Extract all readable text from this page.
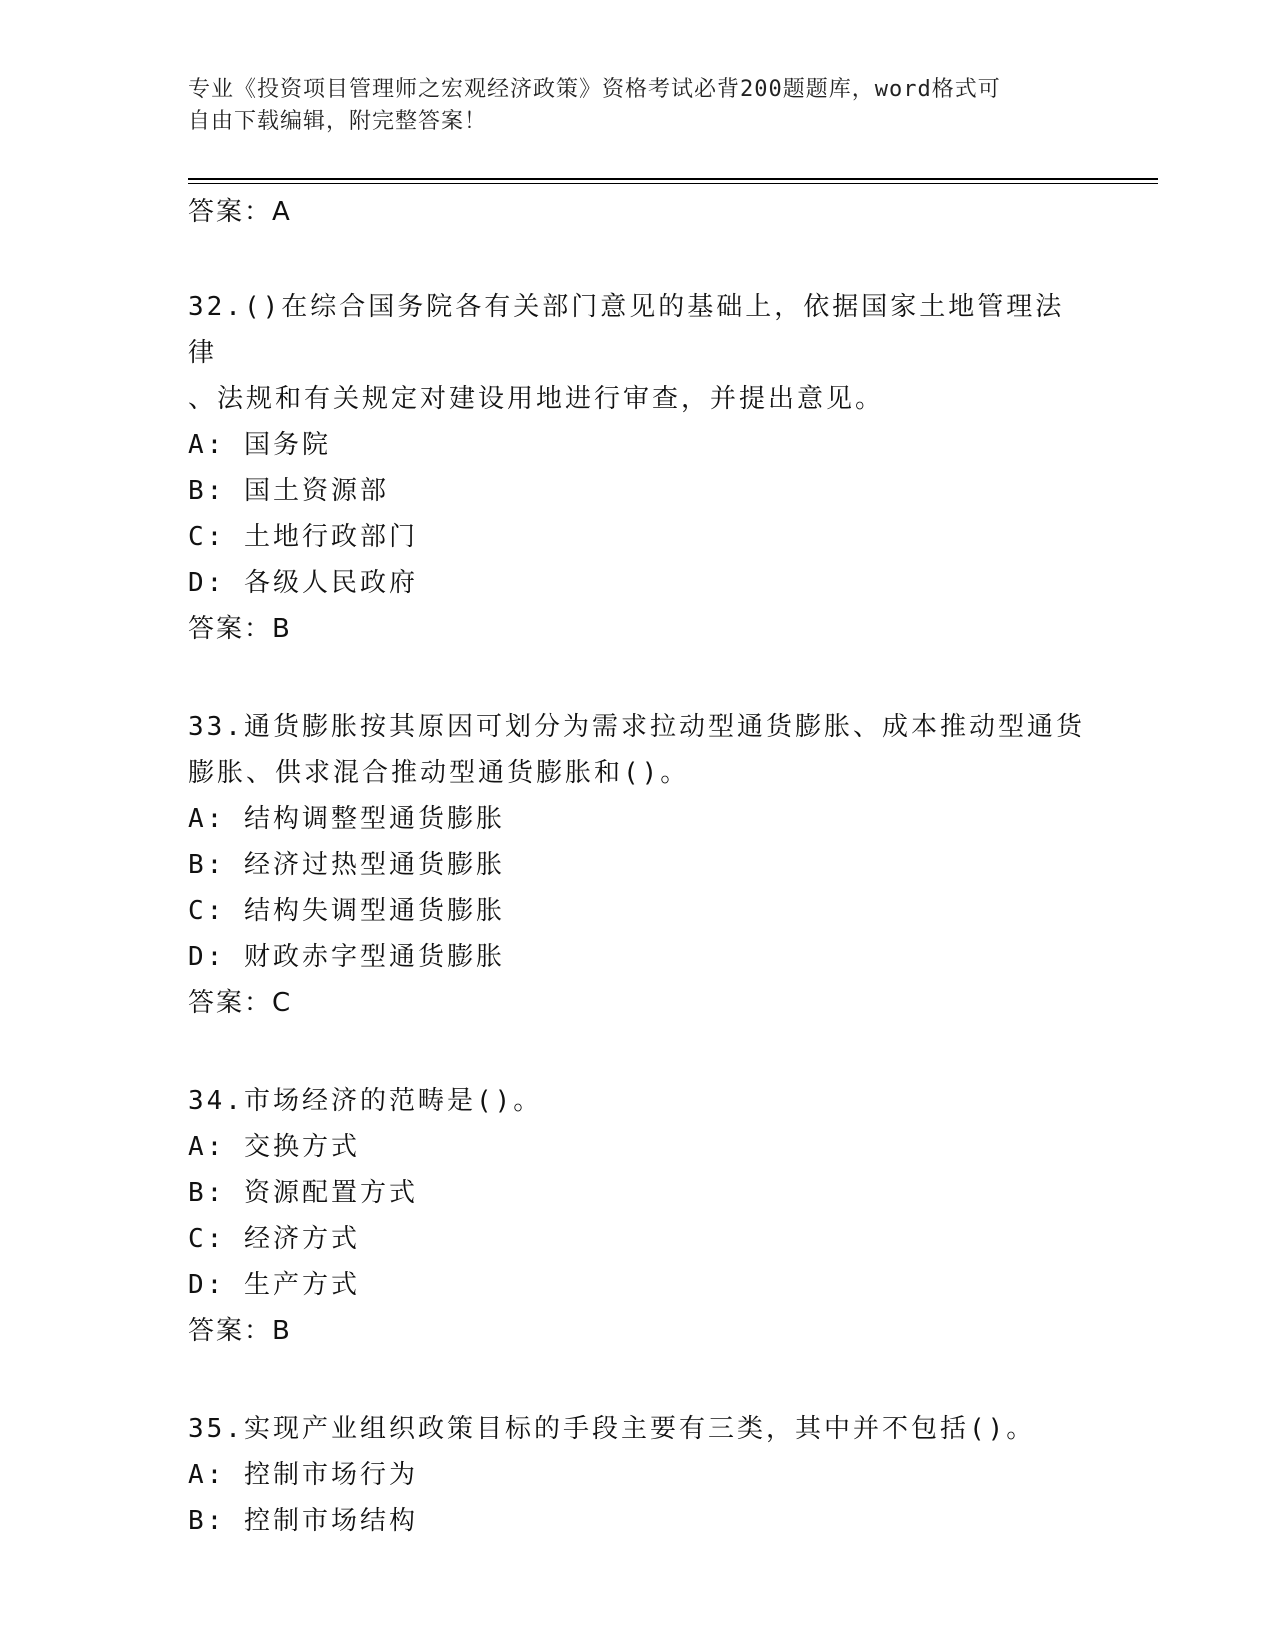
专业《投资项目管理师之宏观经济政策》资格考试必背200题题库，word格式可
自由下载编辑，附完整答案！

答案：A

32.()在综合国务院各有关部门意见的基础上，依据国家土地管理法律

、法规和有关规定对建设用地进行审查，并提出意见。

A: 国务院

B: 国土资源部

C: 土地行政部门

D: 各级人民政府

答案：B

33.通货膨胀按其原因可划分为需求拉动型通货膨胀、成本推动型通货

膨胀、供求混合推动型通货膨胀和()。

A: 结构调整型通货膨胀

B: 经济过热型通货膨胀

C: 结构失调型通货膨胀

D: 财政赤字型通货膨胀

答案：C

34.市场经济的范畴是()。

A: 交换方式

B: 资源配置方式

C: 经济方式

D: 生产方式

答案：B

35.实现产业组织政策目标的手段主要有三类，其中并不包括()。

A: 控制市场行为

B: 控制市场结构
